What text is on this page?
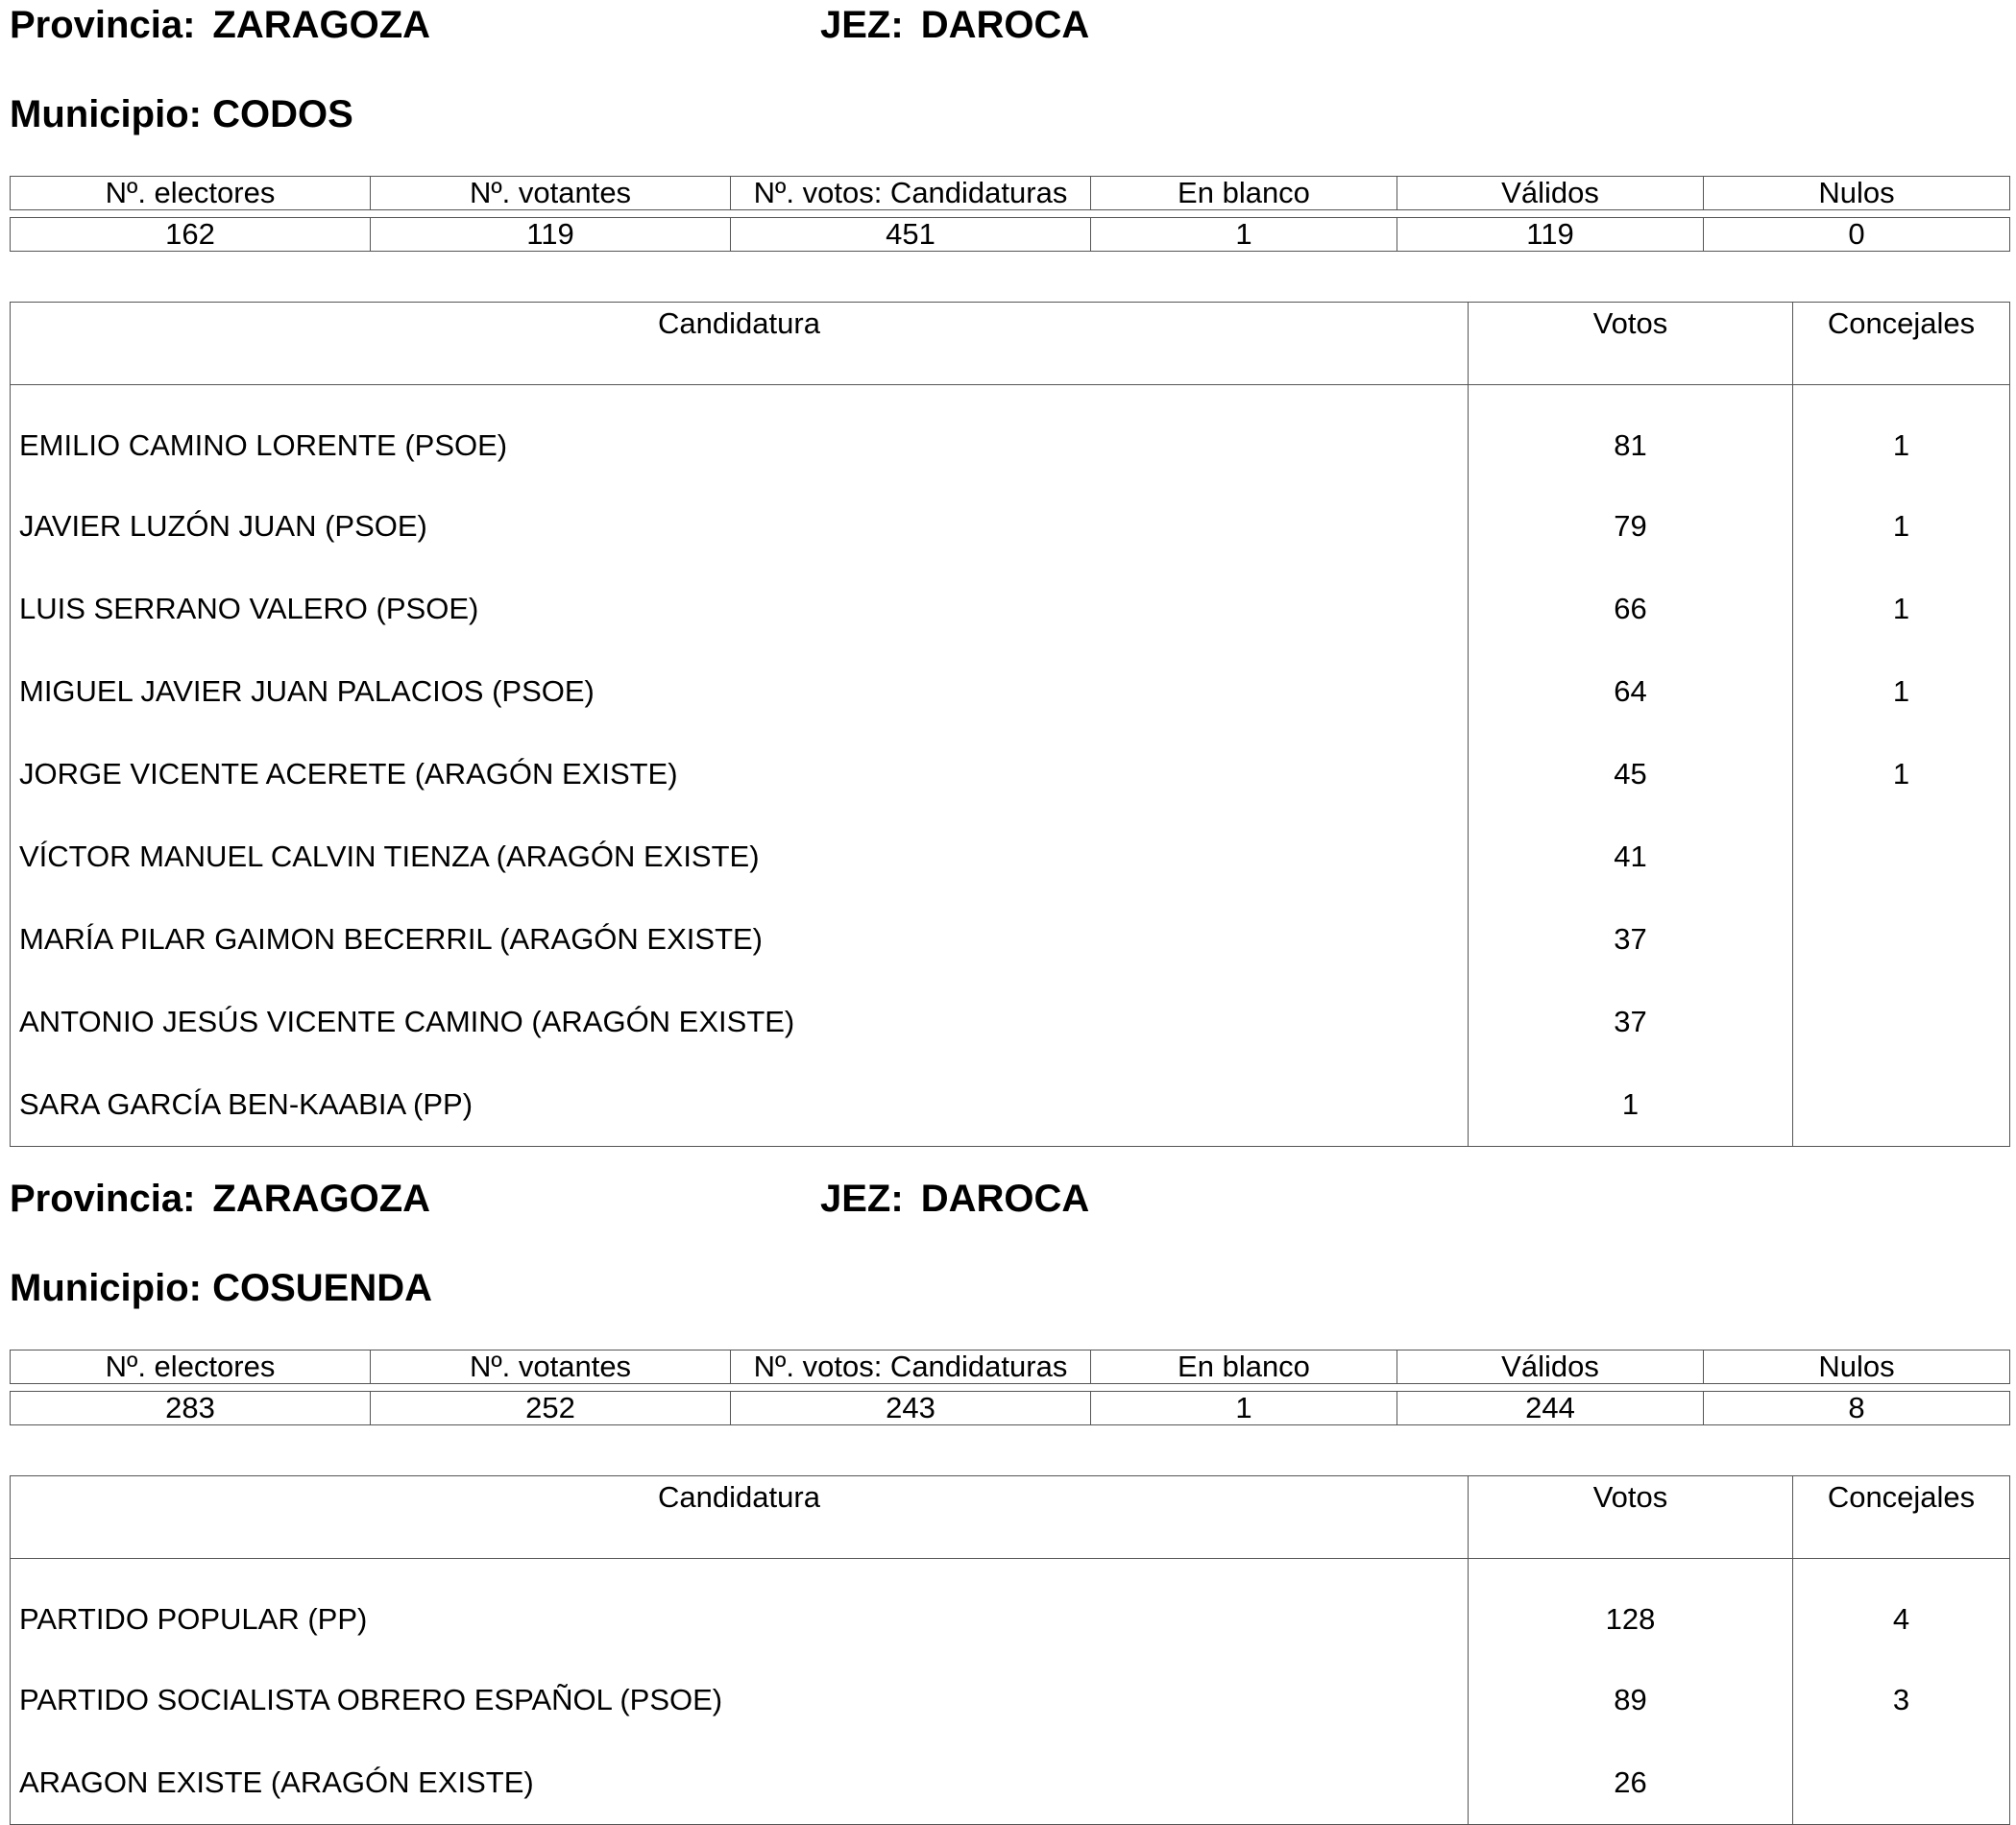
Provincia: ZARAGOZA	JEZ: DAROCA
Municipio: CODOS
Nº. electores	Nº. votantes	Nº. votos: Candidaturas	En blanco	Válidos	Nulos
162	119	451	1	119	0
Candidatura	Votos	Concejales
EMILIO CAMINO LORENTE (PSOE)	81	1
JAVIER LUZÓN JUAN (PSOE)	79	1
LUIS SERRANO VALERO (PSOE)	66	1
MIGUEL JAVIER JUAN PALACIOS (PSOE)	64	1
JORGE VICENTE ACERETE (ARAGÓN EXISTE)	45	1
VÍCTOR MANUEL CALVIN TIENZA (ARAGÓN EXISTE)	41	
MARÍA PILAR GAIMON BECERRIL (ARAGÓN EXISTE)	37	
ANTONIO JESÚS VICENTE CAMINO (ARAGÓN EXISTE)	37	
SARA GARCÍA BEN-KAABIA (PP)	1	
Provincia: ZARAGOZA	JEZ: DAROCA
Municipio: COSUENDA
Nº. electores	Nº. votantes	Nº. votos: Candidaturas	En blanco	Válidos	Nulos
283	252	243	1	244	8
Candidatura	Votos	Concejales
PARTIDO POPULAR (PP)	128	4
PARTIDO SOCIALISTA OBRERO ESPAÑOL (PSOE)	89	3
ARAGON EXISTE (ARAGÓN EXISTE)	26	
